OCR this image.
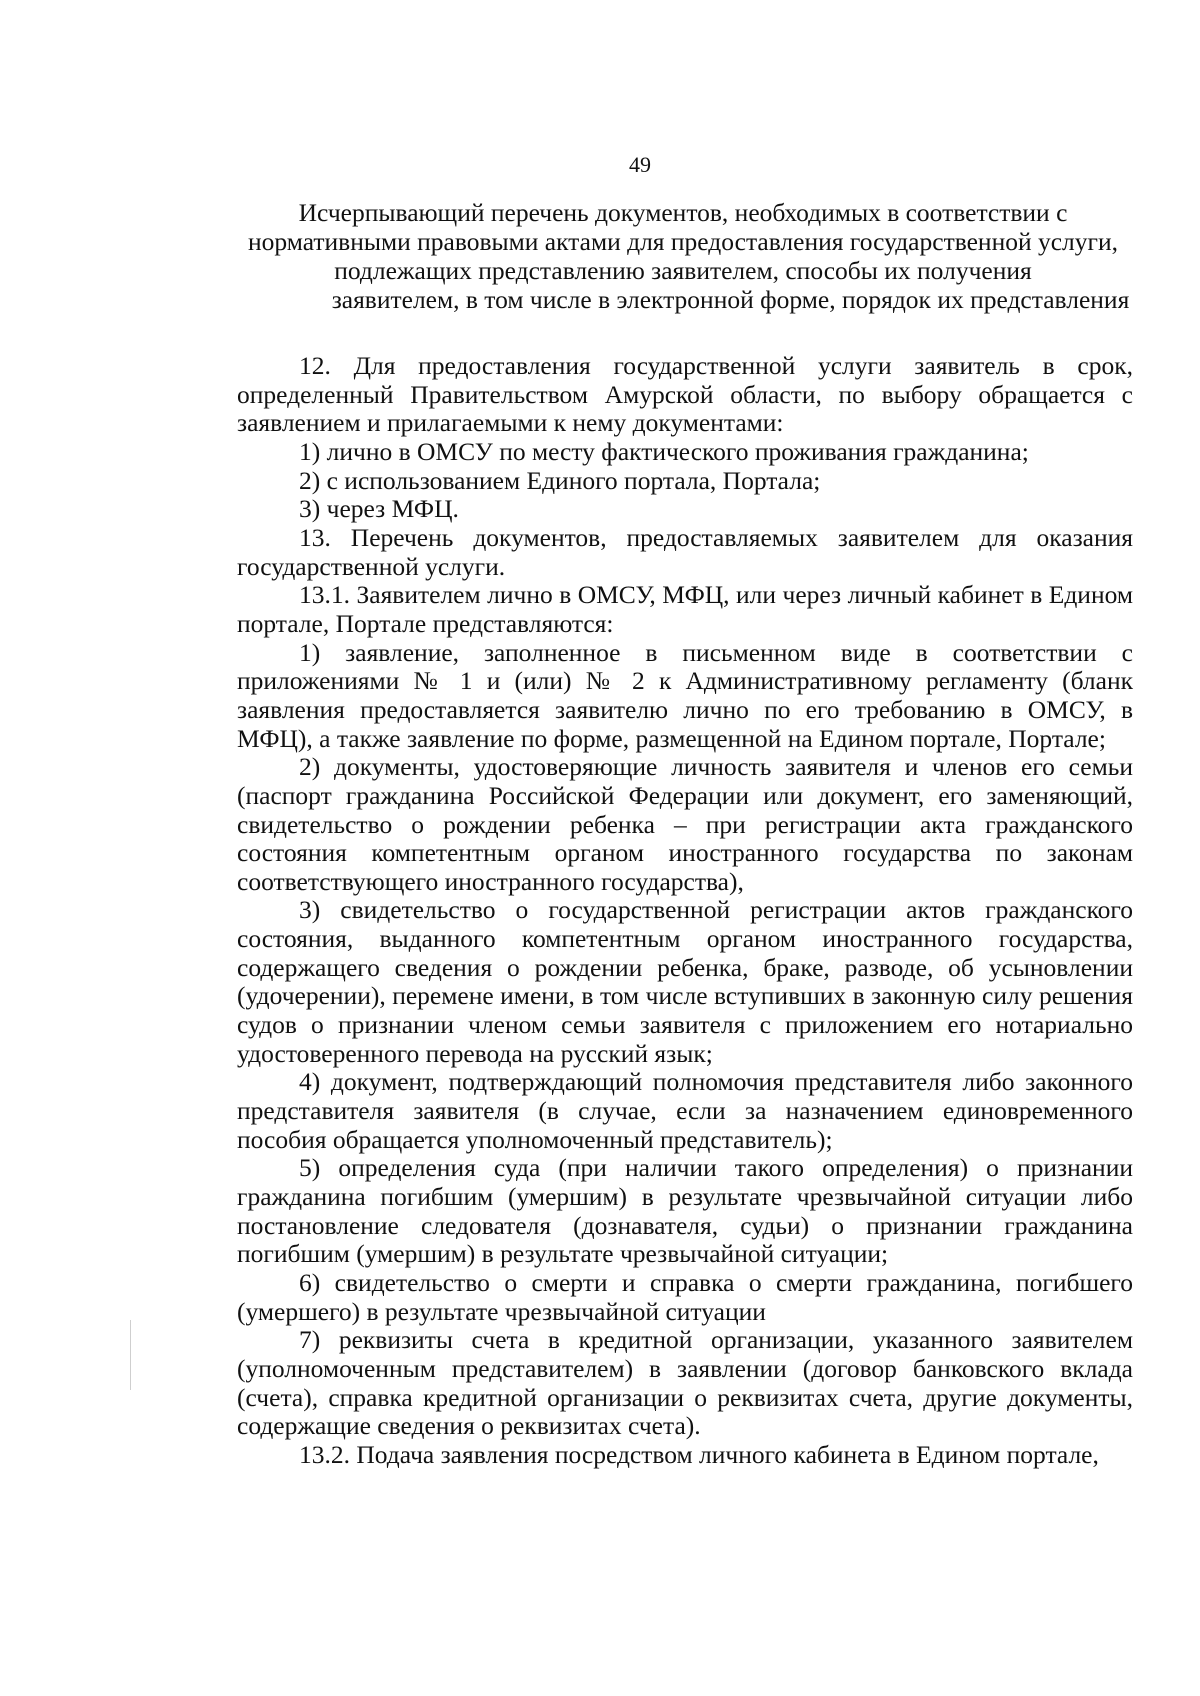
49
Исчерпывающий перечень документов, необходимых в соответствии с
нормативными правовыми актами для предоставления государственной услуги,
подлежащих представлению заявителем, способы их получения
заявителем, в том числе в электронной форме, порядок их представления

12. Для предоставления государственной услуги заявитель в срок, определенный Правительством Амурской области, по выбору обращается с заявлением и прилагаемыми к нему документами:

1) лично в ОМСУ по месту фактического проживания гражданина;

2) с использованием Единого портала, Портала;

3) через МФЦ.

13. Перечень документов, предоставляемых заявителем для оказания государственной услуги.

13.1. Заявителем лично в ОМСУ, МФЦ, или через личный кабинет в Едином портале, Портале представляются:

1) заявление, заполненное в письменном виде в соответствии с приложениями № 1 и (или) № 2 к Административному регламенту (бланк заявления предоставляется заявителю лично по его требованию в ОМСУ, в МФЦ), а также заявление по форме, размещенной на Едином портале, Портале;

2) документы, удостоверяющие личность заявителя и членов его семьи (паспорт гражданина Российской Федерации или документ, его заменяющий, свидетельство о рождении ребенка – при регистрации акта гражданского состояния компетентным органом иностранного государства по законам соответствующего иностранного государства),

3) свидетельство о государственной регистрации актов гражданского состояния, выданного компетентным органом иностранного государства, содержащего сведения о рождении ребенка, браке, разводе, об усыновлении (удочерении), перемене имени, в том числе вступивших в законную силу решения судов о признании членом семьи заявителя с приложением его нотариально удостоверенного перевода на русский язык;

4) документ, подтверждающий полномочия представителя либо законного представителя заявителя (в случае, если за назначением единовременного пособия обращается уполномоченный представитель);

5) определения суда (при наличии такого определения) о признании гражданина погибшим (умершим) в результате чрезвычайной ситуации либо постановление следователя (дознавателя, судьи) о признании гражданина погибшим (умершим) в результате чрезвычайной ситуации;

6) свидетельство о смерти и справка о смерти гражданина, погибшего (умершего) в результате чрезвычайной ситуации

7) реквизиты счета в кредитной организации, указанного заявителем (уполномоченным представителем) в заявлении (договор банковского вклада (счета), справка кредитной организации о реквизитах счета, другие документы, содержащие сведения о реквизитах счета).

13.2. Подача заявления посредством личного кабинета в Едином портале,
